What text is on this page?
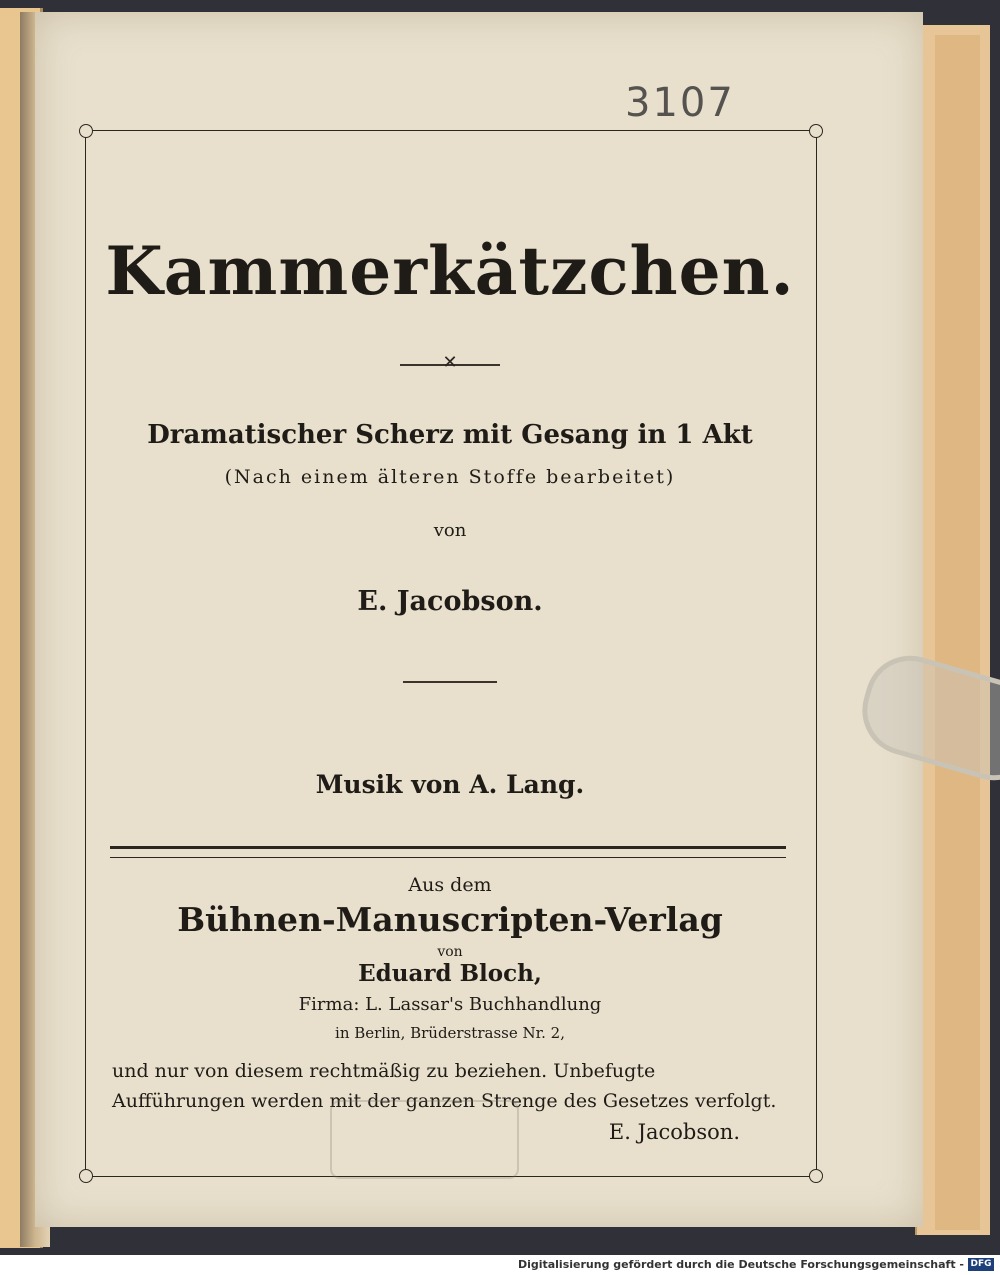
3107
Kammerkätzchen.
✕
Dramatischer Scherz mit Gesang in 1 Akt
(Nach einem älteren Stoffe bearbeitet)
von
E. Jacobson.
Musik von A. Lang.
Aus dem
Bühnen-Manuscripten-Verlag
von
Eduard Bloch,
Firma: L. Lassar's Buchhandlung
in Berlin, Brüderstrasse Nr. 2,
und nur von diesem rechtmäßig zu beziehen. Unbefugte Aufführungen werden mit der ganzen Strenge des Gesetzes verfolgt.
E. Jacobson.
Digitalisierung gefördert durch die Deutsche Forschungsgemeinschaft - DFG
